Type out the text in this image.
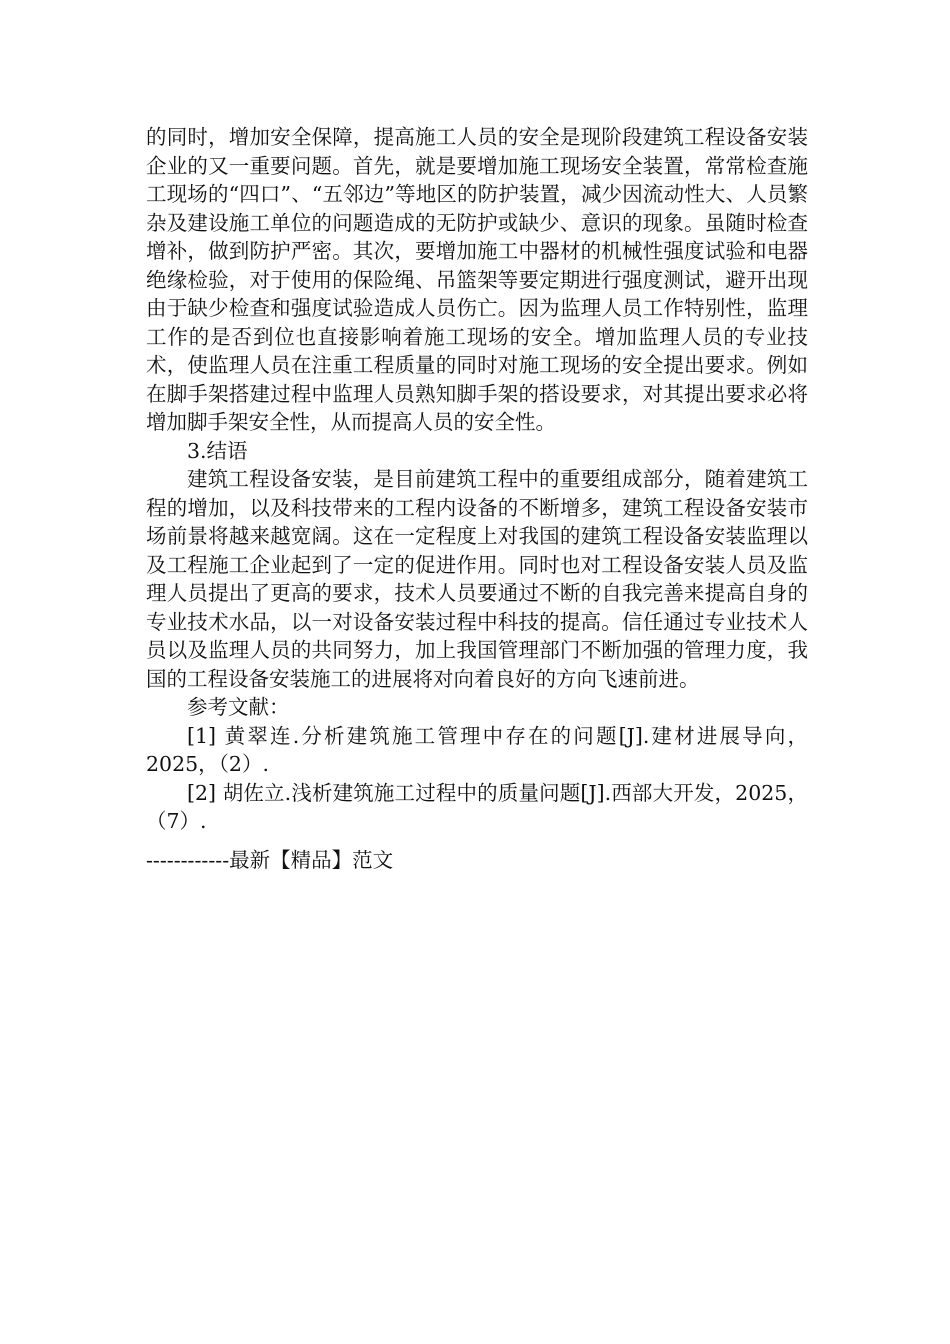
的同时，增加安全保障，提高施工人员的安全是现阶段建筑工程设备安装企业的又一重要问题。首先，就是要增加施工现场安全装置，常常检查施工现场的“四口”、“五邻边”等地区的防护装置，减少因流动性大、人员繁杂及建设施工单位的问题造成的无防护或缺少、意识的现象。虽随时检查增补，做到防护严密。其次，要增加施工中器材的机械性强度试验和电器绝缘检验，对于使用的保险绳、吊篮架等要定期进行强度测试，避开出现由于缺少检查和强度试验造成人员伤亡。因为监理人员工作特别性，监理工作的是否到位也直接影响着施工现场的安全。增加监理人员的专业技术，使监理人员在注重工程质量的同时对施工现场的安全提出要求。例如在脚手架搭建过程中监理人员熟知脚手架的搭设要求，对其提出要求必将增加脚手架安全性，从而提高人员的安全性。

3.结语

建筑工程设备安装，是目前建筑工程中的重要组成部分，随着建筑工程的增加，以及科技带来的工程内设备的不断增多，建筑工程设备安装市场前景将越来越宽阔。这在一定程度上对我国的建筑工程设备安装监理以及工程施工企业起到了一定的促进作用。同时也对工程设备安装人员及监理人员提出了更高的要求，技术人员要通过不断的自我完善来提高自身的专业技术水品，以一对设备安装过程中科技的提高。信任通过专业技术人员以及监理人员的共同努力，加上我国管理部门不断加强的管理力度，我国的工程设备安装施工的进展将对向着良好的方向飞速前进。

参考文献：

[1] 黄翠连.分析建筑施工管理中存在的问题[J].建材进展导向，2025，（2）.

[2] 胡佐立.浅析建筑施工过程中的质量问题[J].西部大开发，2025，（7）.

------------最新【精品】范文
